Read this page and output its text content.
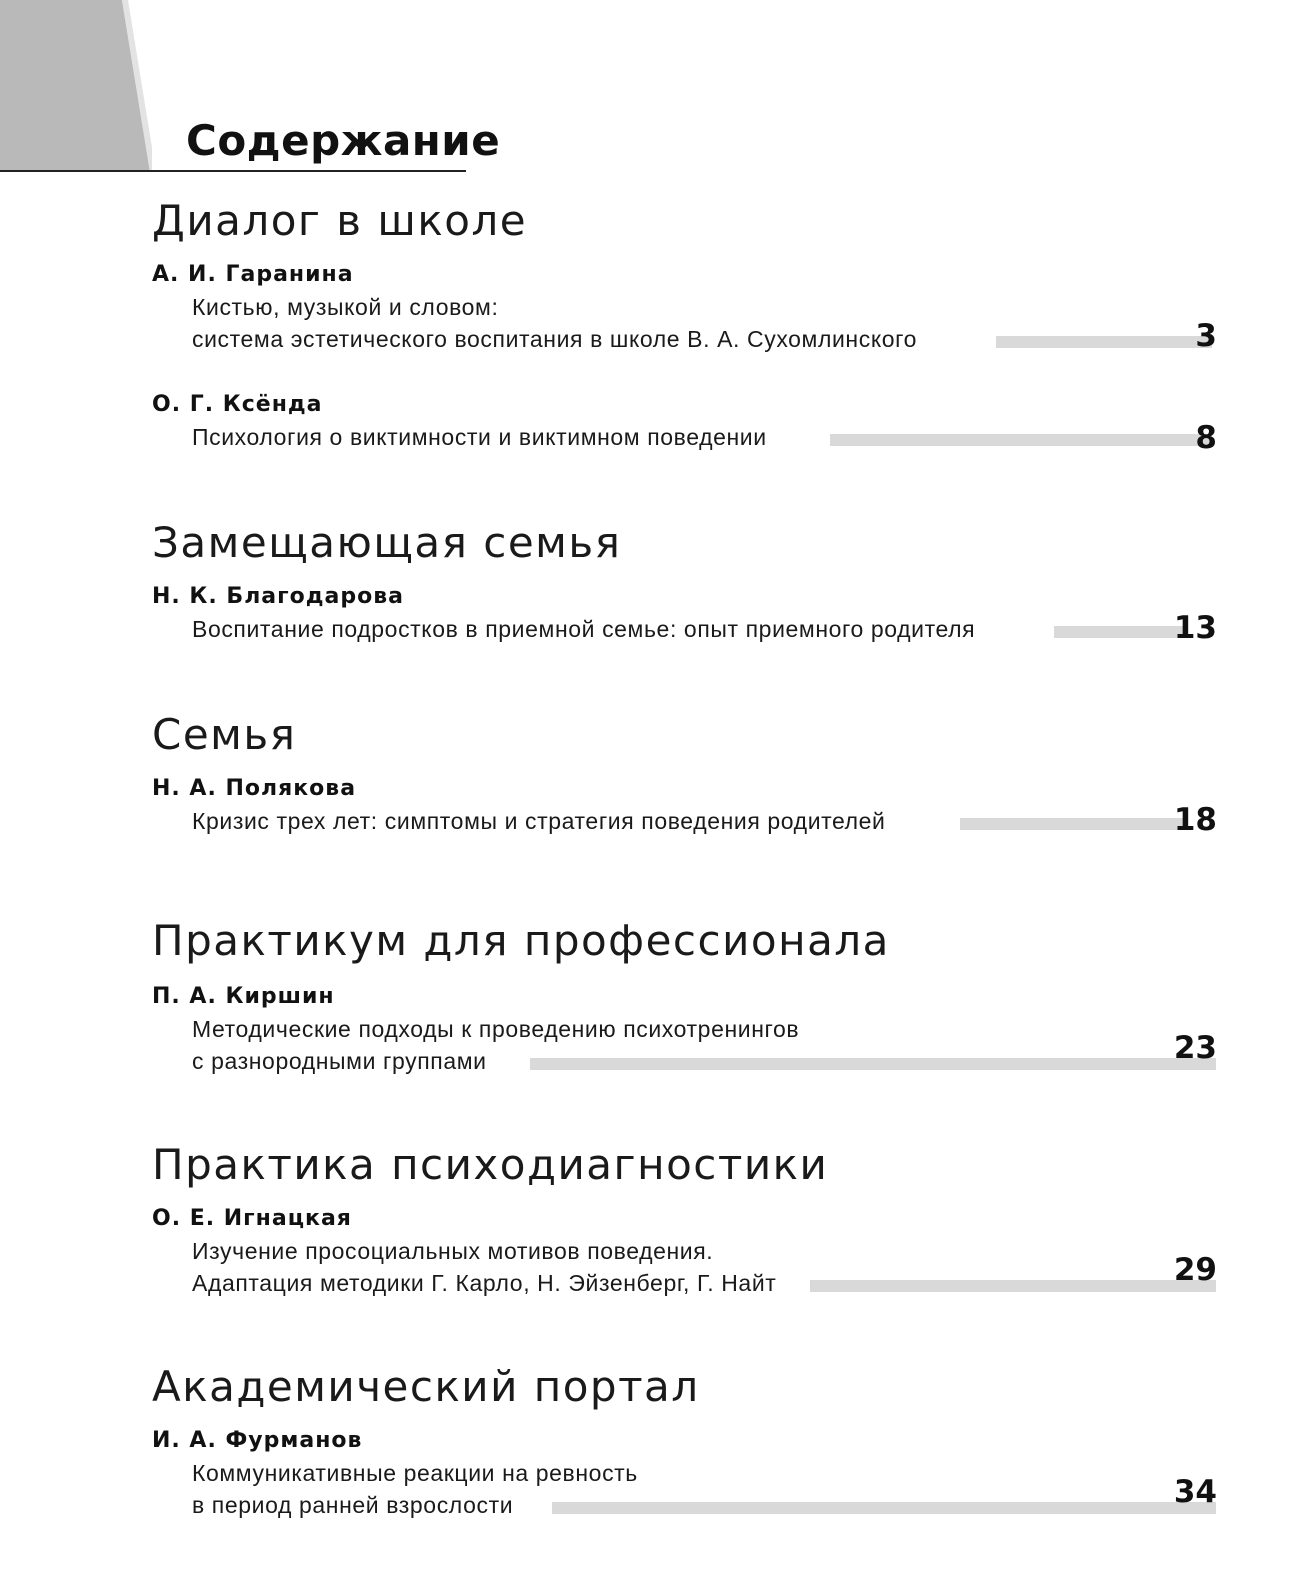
Содержание
Диалог в школе
А. И. Гаранина
Кистью, музыкой и словом:
система эстетического воспитания в школе В. А. Сухомлинского	3
О. Г. Ксёнда
Психология о виктимности и виктимном поведении	8
Замещающая семья
Н. К. Благодарова
Воспитание подростков в приемной семье: опыт приемного родителя	13
Семья
Н. А. Полякова
Кризис трех лет: симптомы и стратегия поведения родителей	18
Практикум для профессионала
П. А. Киршин
Методические подходы к проведению психотренингов
с разнородными группами	23
Практика психодиагностики
О. Е. Игнацкая
Изучение просоциальных мотивов поведения.
Адаптация методики Г. Карло, Н. Эйзенберг, Г. Найт	29
Академический портал
И. А. Фурманов
Коммуникативные реакции на ревность
в период ранней взрослости	34
